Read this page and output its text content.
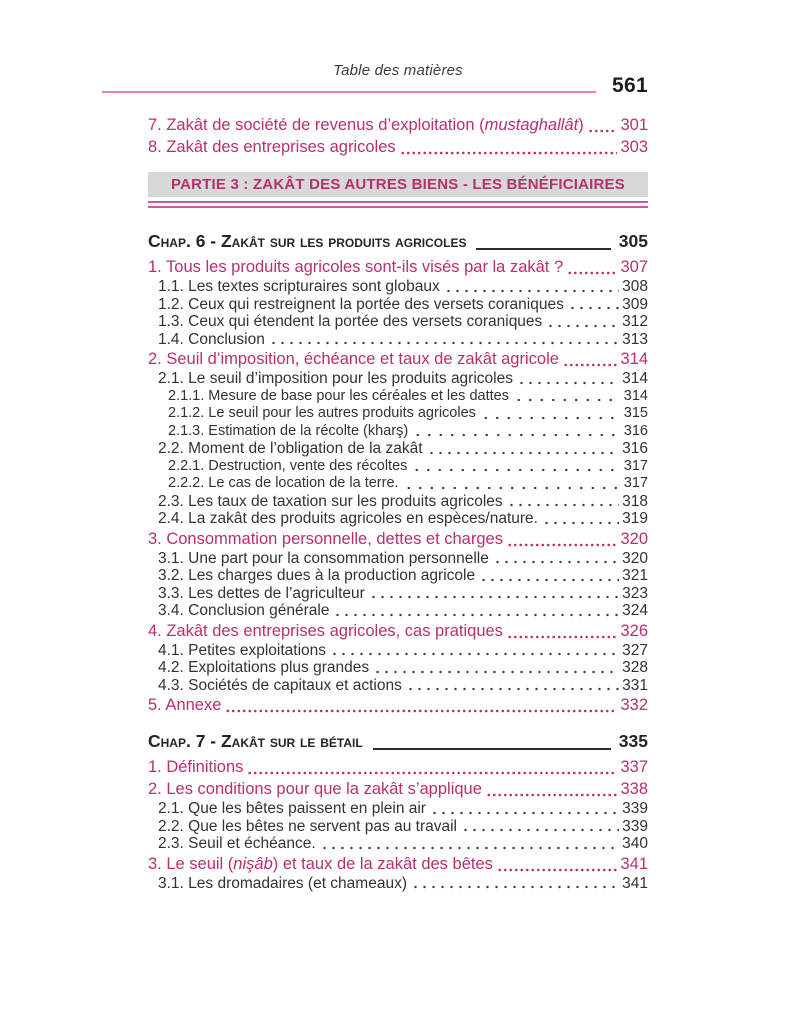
Table des matières
561
7. Zakât de société de revenus d’exploitation (mustaghallât) 301
8. Zakât des entreprises agricoles	303
PARTIE 3 : ZAKÂT DES AUTRES BIENS - LES BÉNÉFICIAIRES
Chap. 6 - Zakât sur les produits agricoles	305
1. Tous les produits agricoles sont-ils visés par la zakât ?	307
1.1. Les textes scripturaires sont globaux	308
1.2. Ceux qui restreignent la portée des versets coraniques	309
1.3. Ceux qui étendent la portée des versets coraniques	312
1.4. Conclusion	313
2. Seuil d’imposition, échéance et taux de zakât agricole	314
2.1. Le seuil d’imposition pour les produits agricoles	314
2.1.1. Mesure de base pour les céréales et les dattes	314
2.1.2. Le seuil pour les autres produits agricoles	315
2.1.3. Estimation de la récolte (kharş)	316
2.2. Moment de l’obligation de la zakât	316
2.2.1. Destruction, vente des récoltes	317
2.2.2. Le cas de location de la terre.	317
2.3. Les taux de taxation sur les produits agricoles	318
2.4. La zakât des produits agricoles en espèces/nature.	319
3. Consommation personnelle, dettes et charges	320
3.1. Une part pour la consommation personnelle	320
3.2. Les charges dues à la production agricole	321
3.3. Les dettes de l’agriculteur	323
3.4. Conclusion générale	324
4. Zakât des entreprises agricoles, cas pratiques	326
4.1. Petites exploitations	327
4.2. Exploitations plus grandes	328
4.3. Sociétés de capitaux et actions	331
5. Annexe	332
Chap. 7 - Zakât sur le bétail	335
1. Définitions	337
2. Les conditions pour que la zakât s’applique	338
2.1. Que les bêtes paissent en plein air	339
2.2. Que les bêtes ne servent pas au travail	339
2.3. Seuil et échéance.	340
3. Le seuil (nişâb) et taux de la zakât des bêtes	341
3.1. Les dromadaires (et chameaux)	341
